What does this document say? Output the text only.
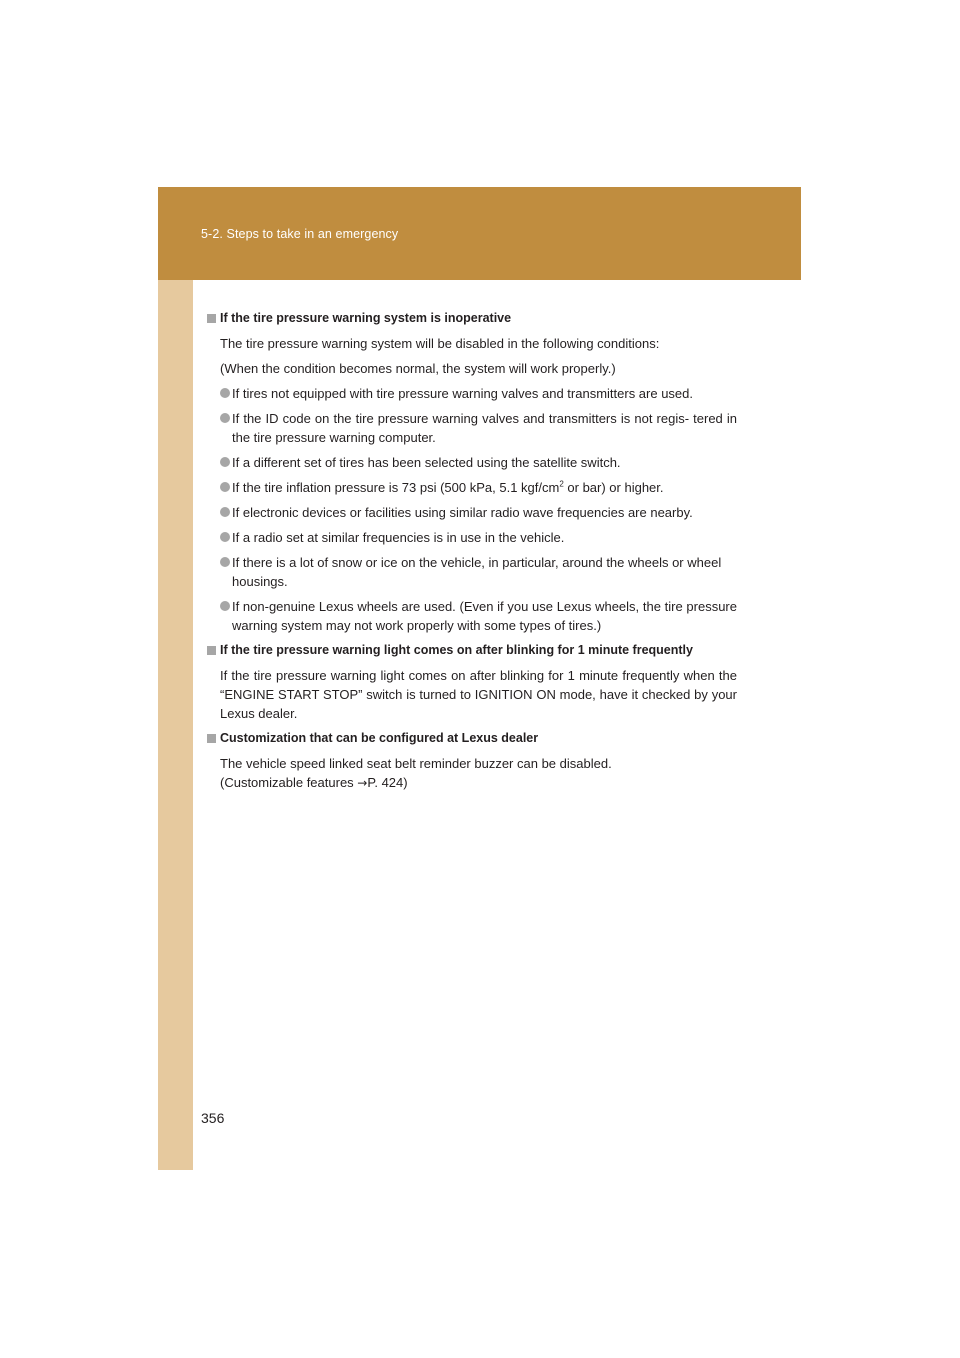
5-2. Steps to take in an emergency
If the tire pressure warning system is inoperative
The tire pressure warning system will be disabled in the following conditions:
(When the condition becomes normal, the system will work properly.)
If tires not equipped with tire pressure warning valves and transmitters are used.
If the ID code on the tire pressure warning valves and transmitters is not regis- tered in the tire pressure warning computer.
If a different set of tires has been selected using the satellite switch.
If the tire inflation pressure is 73 psi (500 kPa, 5.1 kgf/$cm^2$ or bar) or higher.
If electronic devices or facilities using similar radio wave frequencies are nearby.
If a radio set at similar frequencies is in use in the vehicle.
If there is a lot of snow or ice on the vehicle, in particular, around the wheels or wheel housings.
If non-genuine Lexus wheels are used. (Even if you use Lexus wheels, the tire pressure warning system may not work properly with some types of tires.)
If the tire pressure warning light comes on after blinking for 1 minute frequently
If the tire pressure warning light comes on after blinking for 1 minute frequently when the “ENGINE START STOP” switch is turned to IGNITION ON mode, have it checked by your Lexus dealer.
Customization that can be configured at Lexus dealer
The vehicle speed linked seat belt reminder buzzer can be disabled.
(Customizable features →P. 424)
356
